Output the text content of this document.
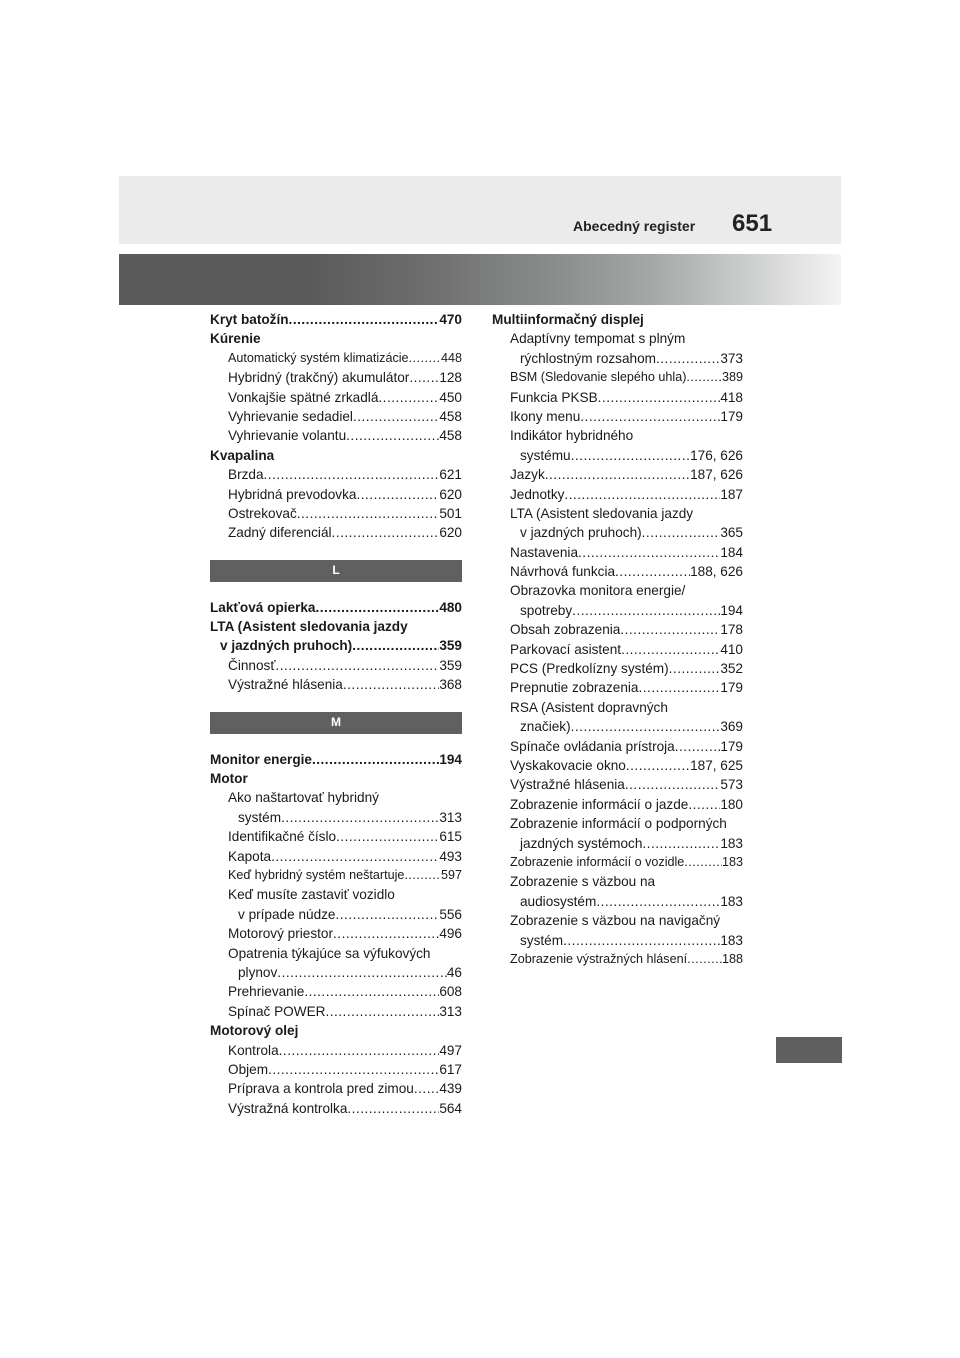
Abecedný register 651
Kryt batožín .....	470
Kúrenie
Automatický systém klimatizácie .....	448
Hybridný (trakčný) akumulátor ..... 128
Vonkajšie spätné zrkadlá .....	450
Vyhrievanie sedadiel .....	458
Vyhrievanie volantu .....	458
Kvapalina
Brzda .....	621
Hybridná prevodovka .....	620
Ostrekovač .....	501
Zadný diferenciál .....	620
L
Lakťová opierka .....	480
LTA (Asistent sledovania jazdy
v jazdných pruhoch) .....	359
Činnosť .....	359
Výstražné hlásenia .....	368
M
Monitor energie .....	194
Motor
Ako naštartovať hybridný
systém .....	313
Identifikačné číslo .....	615
Kapota .....	493
Keď hybridný systém neštartuje .....	597
Keď musíte zastaviť vozidlo
v prípade núdze .....	556
Motorový priestor .....	496
Opatrenia týkajúce sa výfukových
plynov .....	46
Prehrievanie .....	608
Spínač POWER .....	313
Motorový olej
Kontrola .....	497
Objem .....	617
Príprava a kontrola pred zimou ..... 439
Výstražná kontrolka .....	564
Multiinformačný displej
Adaptívny tempomat s plným
rýchlostným rozsahom .....	373
BSM (Sledovanie slepého uhla) .....	389
Funkcia PKSB .....	418
Ikony menu .....	179
Indikátor hybridného
systému .....	176, 626
Jazyk .....	187, 626
Jednotky .....	187
LTA (Asistent sledovania jazdy
v jazdných pruhoch) .....	365
Nastavenia .....	184
Návrhová funkcia .....	188, 626
Obrazovka monitora energie/
spotreby .....	194
Obsah zobrazenia .....	178
Parkovací asistent .....	410
PCS (Predkolízny systém) .....	352
Prepnutie zobrazenia .....	179
RSA (Asistent dopravných
značiek) .....	369
Spínače ovládania prístroja .....	179
Vyskakovacie okno .....	187, 625
Výstražné hlásenia .....	573
Zobrazenie informácií o jazde ..... 180
Zobrazenie informácií o podporných
jazdných systémoch .....	183
Zobrazenie informácií o vozidle .....	183
Zobrazenie s väzbou na
audiosystém .....	183
Zobrazenie s väzbou na navigačný
systém .....	183
Zobrazenie výstražných hlásení .....	188
